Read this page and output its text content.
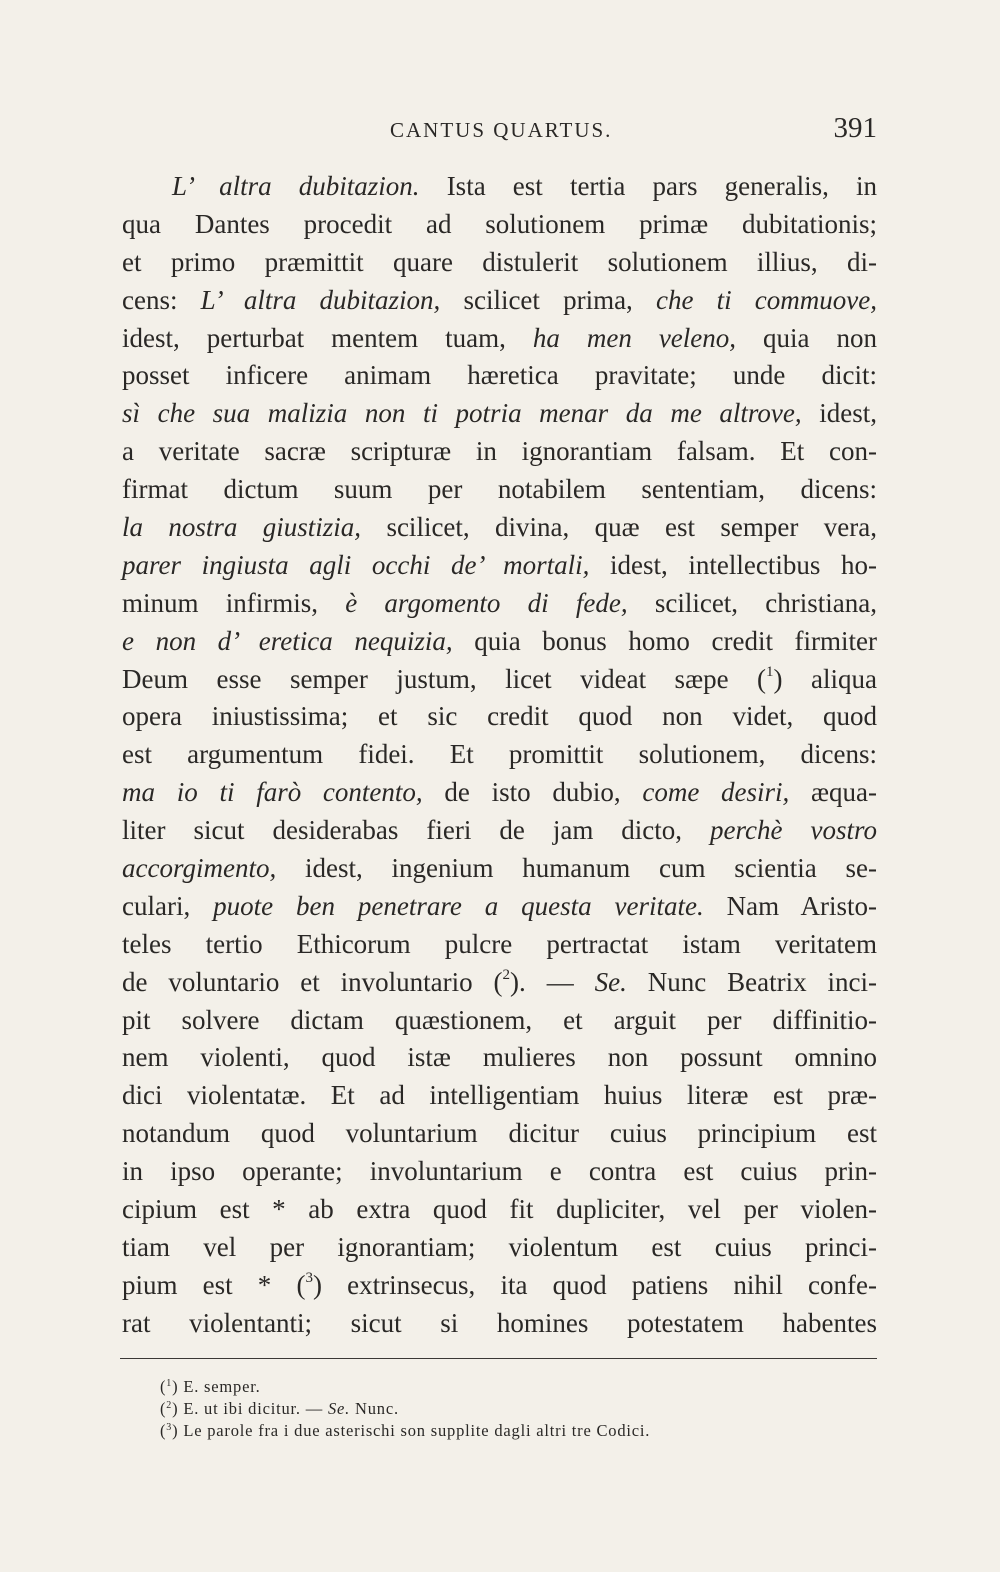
CANTUS QUARTUS.	391
L’ altra dubitazion. Ista est tertia pars generalis, in
qua Dantes procedit ad solutionem primæ dubitationis;
et primo præmittit quare distulerit solutionem illius, di-
cens: L’ altra dubitazion, scilicet prima, che ti commuove,
idest, perturbat mentem tuam, ha men veleno, quia non
posset inficere animam hæretica pravitate; unde dicit:
sì che sua malizia non ti potria menar da me altrove, idest,
a veritate sacræ scripturæ in ignorantiam falsam. Et con-
firmat dictum suum per notabilem sententiam, dicens:
la nostra giustizia, scilicet, divina, quæ est semper vera,
parer ingiusta agli occhi de’ mortali, idest, intellectibus ho-
minum infirmis, è argomento di fede, scilicet, christiana,
e non d’ eretica nequizia, quia bonus homo credit firmiter
Deum esse semper justum, licet videat sæpe ($^1$) aliqua
opera iniustissima; et sic credit quod non videt, quod
est argumentum fidei. Et promittit solutionem, dicens:
ma io ti farò contento, de isto dubio, come desiri, æqua-
liter sicut desiderabas fieri de jam dicto, perchè vostro
accorgimento, idest, ingenium humanum cum scientia se-
culari, puote ben penetrare a questa veritate. Nam Aristo-
teles tertio Ethicorum pulcre pertractat istam veritatem
de voluntario et involuntario ($^2$). — Se. Nunc Beatrix inci-
pit solvere dictam quæstionem, et arguit per diffinitio-
nem violenti, quod istæ mulieres non possunt omnino
dici violentatæ. Et ad intelligentiam huius literæ est præ-
notandum quod voluntarium dicitur cuius principium est
in ipso operante; involuntarium e contra est cuius prin-
cipium est * ab extra quod fit dupliciter, vel per violen-
tiam vel per ignorantiam; violentum est cuius princi-
pium est * ($^3$) extrinsecus, ita quod patiens nihil confe-
rat violentanti; sicut si homines potestatem habentes
($^1$) E. semper.
($^2$) E. ut ibi dicitur. — Se. Nunc.
($^3$) Le parole fra i due asterischi son supplite dagli altri tre Codici.
